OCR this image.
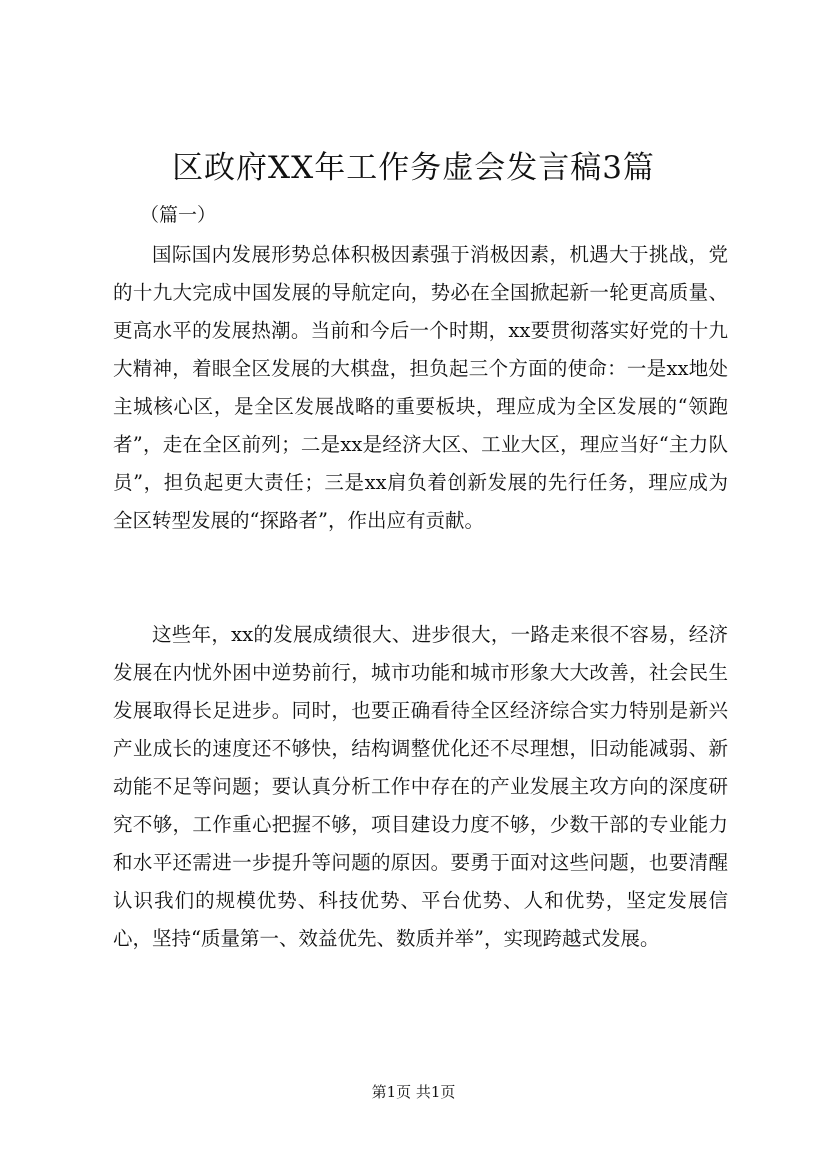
区政府XX年工作务虚会发言稿3篇

（篇一）

国际国内发展形势总体积极因素强于消极因素，机遇大于挑战，党的十九大完成中国发展的导航定向，势必在全国掀起新一轮更高质量、更高水平的发展热潮。当前和今后一个时期，xx要贯彻落实好党的十九大精神，着眼全区发展的大棋盘，担负起三个方面的使命：一是xx地处主城核心区，是全区发展战略的重要板块，理应成为全区发展的“领跑者”，走在全区前列；二是xx是经济大区、工业大区，理应当好“主力队员”，担负起更大责任；三是xx肩负着创新发展的先行任务，理应成为全区转型发展的“探路者”，作出应有贡献。

这些年，xx的发展成绩很大、进步很大，一路走来很不容易，经济发展在内忧外困中逆势前行，城市功能和城市形象大大改善，社会民生发展取得长足进步。同时，也要正确看待全区经济综合实力特别是新兴产业成长的速度还不够快，结构调整优化还不尽理想，旧动能减弱、新动能不足等问题；要认真分析工作中存在的产业发展主攻方向的深度研究不够，工作重心把握不够，项目建设力度不够，少数干部的专业能力和水平还需进一步提升等问题的原因。要勇于面对这些问题，也要清醒认识我们的规模优势、科技优势、平台优势、人和优势，坚定发展信心，坚持“质量第一、效益优先、数质并举”，实现跨越式发展。

第1页 共1页
